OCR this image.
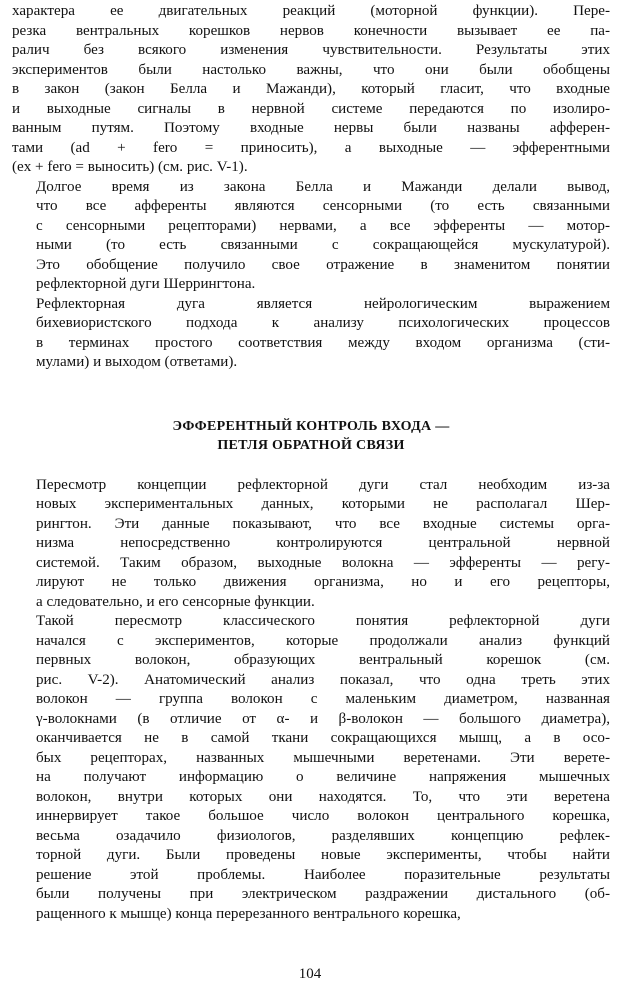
характера ее двигательных реакций (моторной функции). Пере-
резка вентральных корешков нервов конечности вызывает ее па-
ралич без всякого изменения чувствительности. Результаты этих
экспериментов были настолько важны, что они были обобщены
в закон (закон Белла и Мажанди), который гласит, что входные
и выходные сигналы в нервной системе передаются по изолиро-
ванным путям. Поэтому входные нервы были названы афферен-
тами (ad + fero = приносить), а выходные — эфферентными
(ex + fero = выносить) (см. рис. V-1).
Долгое время из закона Белла и Мажанди делали вывод,
что все афференты являются сенсорными (то есть связанными
с сенсорными рецепторами) нервами, а все эфференты — мотор-
ными (то есть связанными с сокращающейся мускулатурой).
Это обобщение получило свое отражение в знаменитом понятии
рефлекторной дуги Шеррингтона.
Рефлекторная дуга является нейрологическим выражением
бихевиористского подхода к анализу психологических процессов
в терминах простого соответствия между входом организма (сти-
мулами) и выходом (ответами).
ЭФФЕРЕНТНЫЙ КОНТРОЛЬ ВХОДА —
ПЕТЛЯ ОБРАТНОЙ СВЯЗИ
Пересмотр концепции рефлекторной дуги стал необходим из-за
новых экспериментальных данных, которыми не располагал Шер-
рингтон. Эти данные показывают, что все входные системы орга-
низма непосредственно контролируются центральной нервной
системой. Таким образом, выходные волокна — эфференты — регу-
лируют не только движения организма, но и его рецепторы,
а следовательно, и его сенсорные функции.
Такой пересмотр классического понятия рефлекторной дуги
начался с экспериментов, которые продолжали анализ функций
первных волокон, образующих вентральный корешок (см.
рис. V-2). Анатомический анализ показал, что одна треть этих
волокон — группа волокон с маленьким диаметром, названная
γ-волокнами (в отличие от α- и β-волокон — большого диаметра),
оканчивается не в самой ткани сокращающихся мышц, а в осо-
бых рецепторах, названных мышечными веретенами. Эти верете-
на получают информацию о величине напряжения мышечных
волокон, внутри которых они находятся. То, что эти веретена
иннервирует такое большое число волокон центрального корешка,
весьма озадачило физиологов, разделявших концепцию рефлек-
торной дуги. Были проведены новые эксперименты, чтобы найти
решение этой проблемы. Наиболее поразительные результаты
были получены при электрическом раздражении дистального (об-
ращенного к мышце) конца перерезанного вентрального корешка,
104
